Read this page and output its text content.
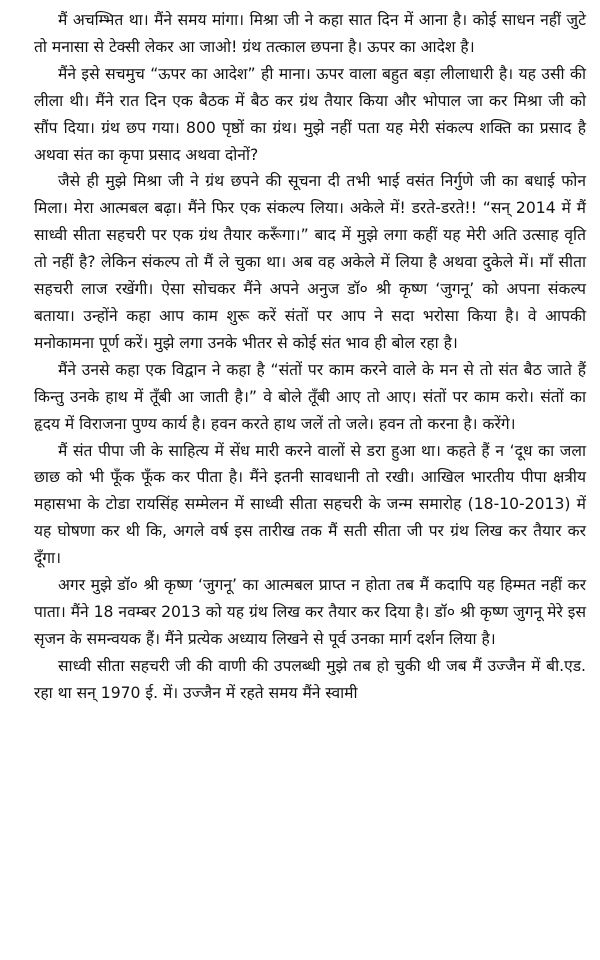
मैं अचम्भित था। मैंने समय मांगा। मिश्रा जी ने कहा सात दिन में आना है। कोई साधन नहीं जुटे तो मनासा से टेक्सी लेकर आ जाओ! ग्रंथ तत्काल छपना है। ऊपर का आदेश है।

मैंने इसे सचमुच “ऊपर का आदेश” ही माना। ऊपर वाला बहुत बड़ा लीलाधारी है। यह उसी की लीला थी। मैंने रात दिन एक बैठक में बैठ कर ग्रंथ तैयार किया और भोपाल जा कर मिश्रा जी को सौंप दिया। ग्रंथ छप गया। 800 पृष्ठों का ग्रंथ। मुझे नहीं पता यह मेरी संकल्प शक्ति का प्रसाद है अथवा संत का कृपा प्रसाद अथवा दोनों?

जैसे ही मुझे मिश्रा जी ने ग्रंथ छपने की सूचना दी तभी भाई वसंत निर्गुणे जी का बधाई फोन मिला। मेरा आत्मबल बढ़ा। मैंने फिर एक संकल्प लिया। अकेले में! डरते-डरते!! “सन् 2014 में मैं साध्वी सीता सहचरी पर एक ग्रंथ तैयार करूँगा।” बाद में मुझे लगा कहीं यह मेरी अति उत्साह वृति तो नहीं है? लेकिन संकल्प तो मैं ले चुका था। अब वह अकेले में लिया है अथवा दुकेले में। माँ सीता सहचरी लाज रखेंगी। ऐसा सोचकर मैंने अपने अनुज डॉ० श्री कृष्ण ‘जुगनू’ को अपना संकल्प बताया। उन्होंने कहा आप काम शुरू करें संतों पर आप ने सदा भरोसा किया है। वे आपकी मनोकामना पूर्ण करें। मुझे लगा उनके भीतर से कोई संत भाव ही बोल रहा है।

मैंने उनसे कहा एक विद्वान ने कहा है “संतों पर काम करने वाले के मन से तो संत बैठ जाते हैं किन्तु उनके हाथ में तूँबी आ जाती है।” वे बोले तूँबी आए तो आए। संतों पर काम करो। संतों का हृदय में विराजना पुण्य कार्य है। हवन करते हाथ जलें तो जले। हवन तो करना है। करेंगे।

मैं संत पीपा जी के साहित्य में सेंध मारी करने वालों से डरा हुआ था। कहते हैं न ‘दूध का जला छाछ को भी फूँक फूँक कर पीता है। मैंने इतनी सावधानी तो रखी। आखिल भारतीय पीपा क्षत्रीय महासभा के टोडा रायसिंह सम्मेलन में साध्वी सीता सहचरी के जन्म समारोह (18-10-2013) में यह घोषणा कर थी कि, अगले वर्ष इस तारीख तक मैं सती सीता जी पर ग्रंथ लिख कर तैयार कर दूँगा।

अगर मुझे डॉ० श्री कृष्ण ‘जुगनू’ का आत्मबल प्राप्त न होता तब मैं कदापि यह हिम्मत नहीं कर पाता। मैंने 18 नवम्बर 2013 को यह ग्रंथ लिख कर तैयार कर दिया है। डॉ० श्री कृष्ण जुगनू मेरे इस सृजन के समन्वयक हैं। मैंने प्रत्येक अध्याय लिखने से पूर्व उनका मार्ग दर्शन लिया है।

साध्वी सीता सहचरी जी की वाणी की उपलब्धी मुझे तब हो चुकी थी जब मैं उज्जैन में बी.एड. रहा था सन् 1970 ई. में। उज्जैन में रहते समय मैंने स्वामी
